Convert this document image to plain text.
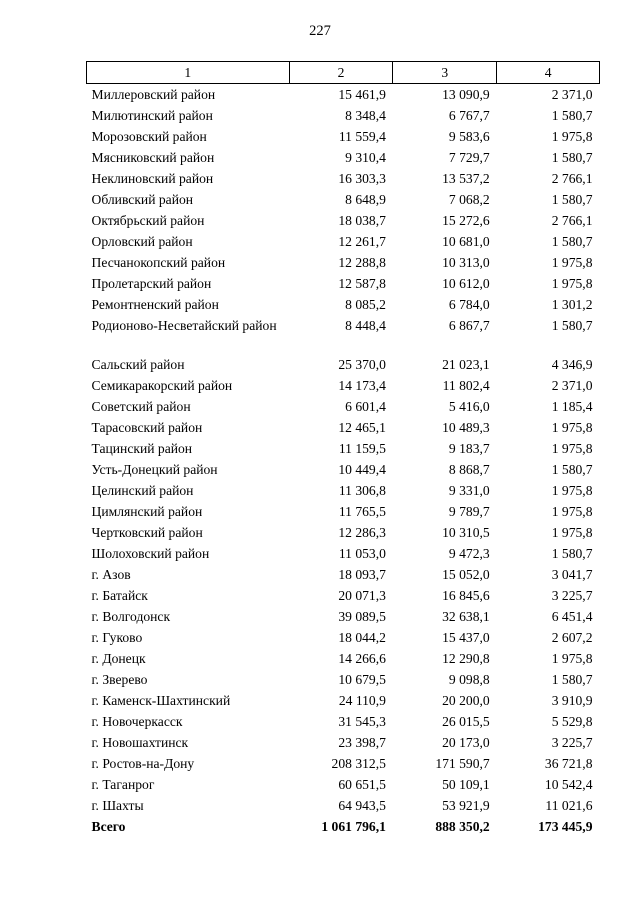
227
1	2	3	4
Миллеровский район	15 461,9	13 090,9	2 371,0
Милютинский район	8 348,4	6 767,7	1 580,7
Морозовский район	11 559,4	9 583,6	1 975,8
Мясниковский район	9 310,4	7 729,7	1 580,7
Неклиновский район	16 303,3	13 537,2	2 766,1
Обливский район	8 648,9	7 068,2	1 580,7
Октябрьский район	18 038,7	15 272,6	2 766,1
Орловский район	12 261,7	10 681,0	1 580,7
Песчанокопский район	12 288,8	10 313,0	1 975,8
Пролетарский район	12 587,8	10 612,0	1 975,8
Ремонтненский район	8 085,2	6 784,0	1 301,2
Родионово-Несветайский район	8 448,4	6 867,7	1 580,7
Сальский район	25 370,0	21 023,1	4 346,9
Семикаракорский район	14 173,4	11 802,4	2 371,0
Советский район	6 601,4	5 416,0	1 185,4
Тарасовский район	12 465,1	10 489,3	1 975,8
Тацинский район	11 159,5	9 183,7	1 975,8
Усть-Донецкий район	10 449,4	8 868,7	1 580,7
Целинский район	11 306,8	9 331,0	1 975,8
Цимлянский район	11 765,5	9 789,7	1 975,8
Чертковский район	12 286,3	10 310,5	1 975,8
Шолоховский район	11 053,0	9 472,3	1 580,7
г. Азов	18 093,7	15 052,0	3 041,7
г. Батайск	20 071,3	16 845,6	3 225,7
г. Волгодонск	39 089,5	32 638,1	6 451,4
г. Гуково	18 044,2	15 437,0	2 607,2
г. Донецк	14 266,6	12 290,8	1 975,8
г. Зверево	10 679,5	9 098,8	1 580,7
г. Каменск-Шахтинский	24 110,9	20 200,0	3 910,9
г. Новочеркасск	31 545,3	26 015,5	5 529,8
г. Новошахтинск	23 398,7	20 173,0	3 225,7
г. Ростов-на-Дону	208 312,5	171 590,7	36 721,8
г. Таганрог	60 651,5	50 109,1	10 542,4
г. Шахты	64 943,5	53 921,9	11 021,6
Всего	1 061 796,1	888 350,2	173 445,9
